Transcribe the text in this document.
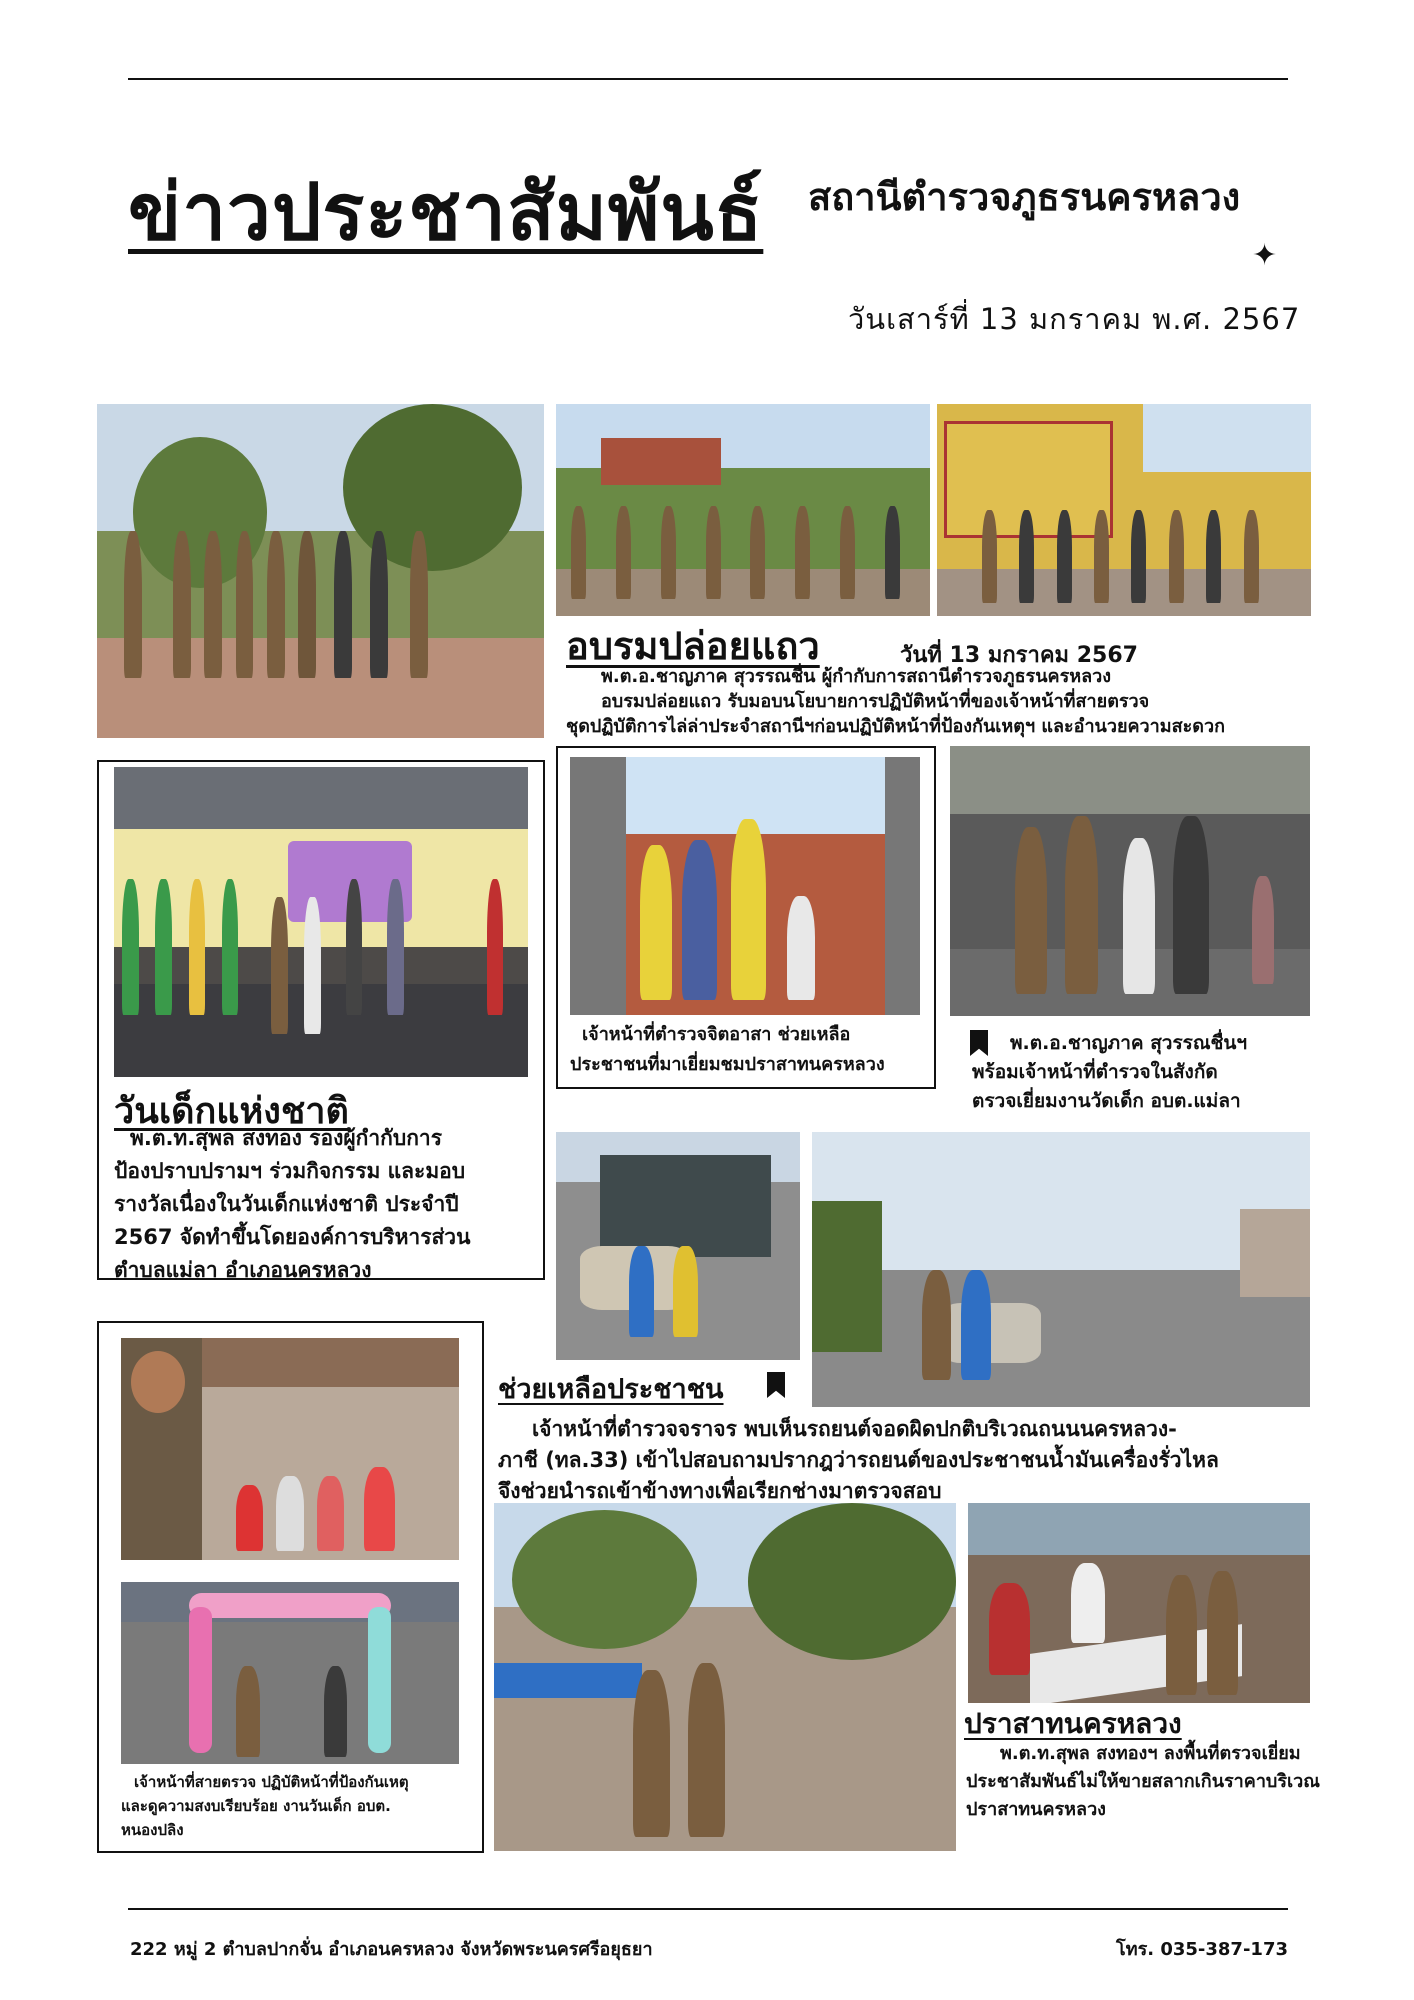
ข่าวประชาสัมพันธ์ สถานีตำรวจภูธรนครหลวง
✦
วันเสาร์ที่ 13 มกราคม พ.ศ. 2567
อบรมปล่อยแถว	วันที่ 13 มกราคม 2567
พ.ต.อ.ชาญภาค สุวรรณชื่น ผู้กำกับการสถานีตำรวจภูธรนครหลวง
อบรมปล่อยแถว รับมอบนโยบายการปฏิบัติหน้าที่ของเจ้าหน้าที่สายตรวจ
ชุดปฏิบัติการไล่ล่าประจำสถานีฯก่อนปฏิบัติหน้าที่ป้องกันเหตุฯ และอำนวยความสะดวก
วันเด็กแห่งชาติ
พ.ต.ท.สุพล สงทอง รองผู้กำกับการ
ป้องปราบปรามฯ ร่วมกิจกรรม และมอบ
รางวัลเนื่องในวันเด็กแห่งชาติ ประจำปี
2567 จัดทำขึ้นโดยองค์การบริหารส่วน
ตำบลแม่ลา อำเภอนครหลวง
เจ้าหน้าที่ตำรวจจิตอาสา ช่วยเหลือ
ประชาชนที่มาเยี่ยมชมปราสาทนครหลวง
พ.ต.อ.ชาญภาค สุวรรณชื่นฯ
พร้อมเจ้าหน้าที่ตำรวจในสังกัด
ตรวจเยี่ยมงานวัดเด็ก อบต.แม่ลา
ช่วยเหลือประชาชน
เจ้าหน้าที่ตำรวจจราจร พบเห็นรถยนต์จอดผิดปกติบริเวณถนนนครหลวง-
ภาชี (ทล.33) เข้าไปสอบถามปรากฎว่ารถยนต์ของประชาชนน้ำมันเครื่องรั่วไหล
จึงช่วยนำรถเข้าข้างทางเพื่อเรียกช่างมาตรวจสอบ
เจ้าหน้าที่สายตรวจ ปฏิบัติหน้าที่ป้องกันเหตุ
และดูความสงบเรียบร้อย งานวันเด็ก อบต.
หนองปลิง
ปราสาทนครหลวง
พ.ต.ท.สุพล สงทองฯ ลงพื้นที่ตรวจเยี่ยม
ประชาสัมพันธ์ไม่ให้ขายสลากเกินราคาบริเวณ
ปราสาทนครหลวง
222 หมู่ 2 ตำบลปากจั่น อำเภอนครหลวง จังหวัดพระนครศรีอยุธยา	โทร. 035-387-173
